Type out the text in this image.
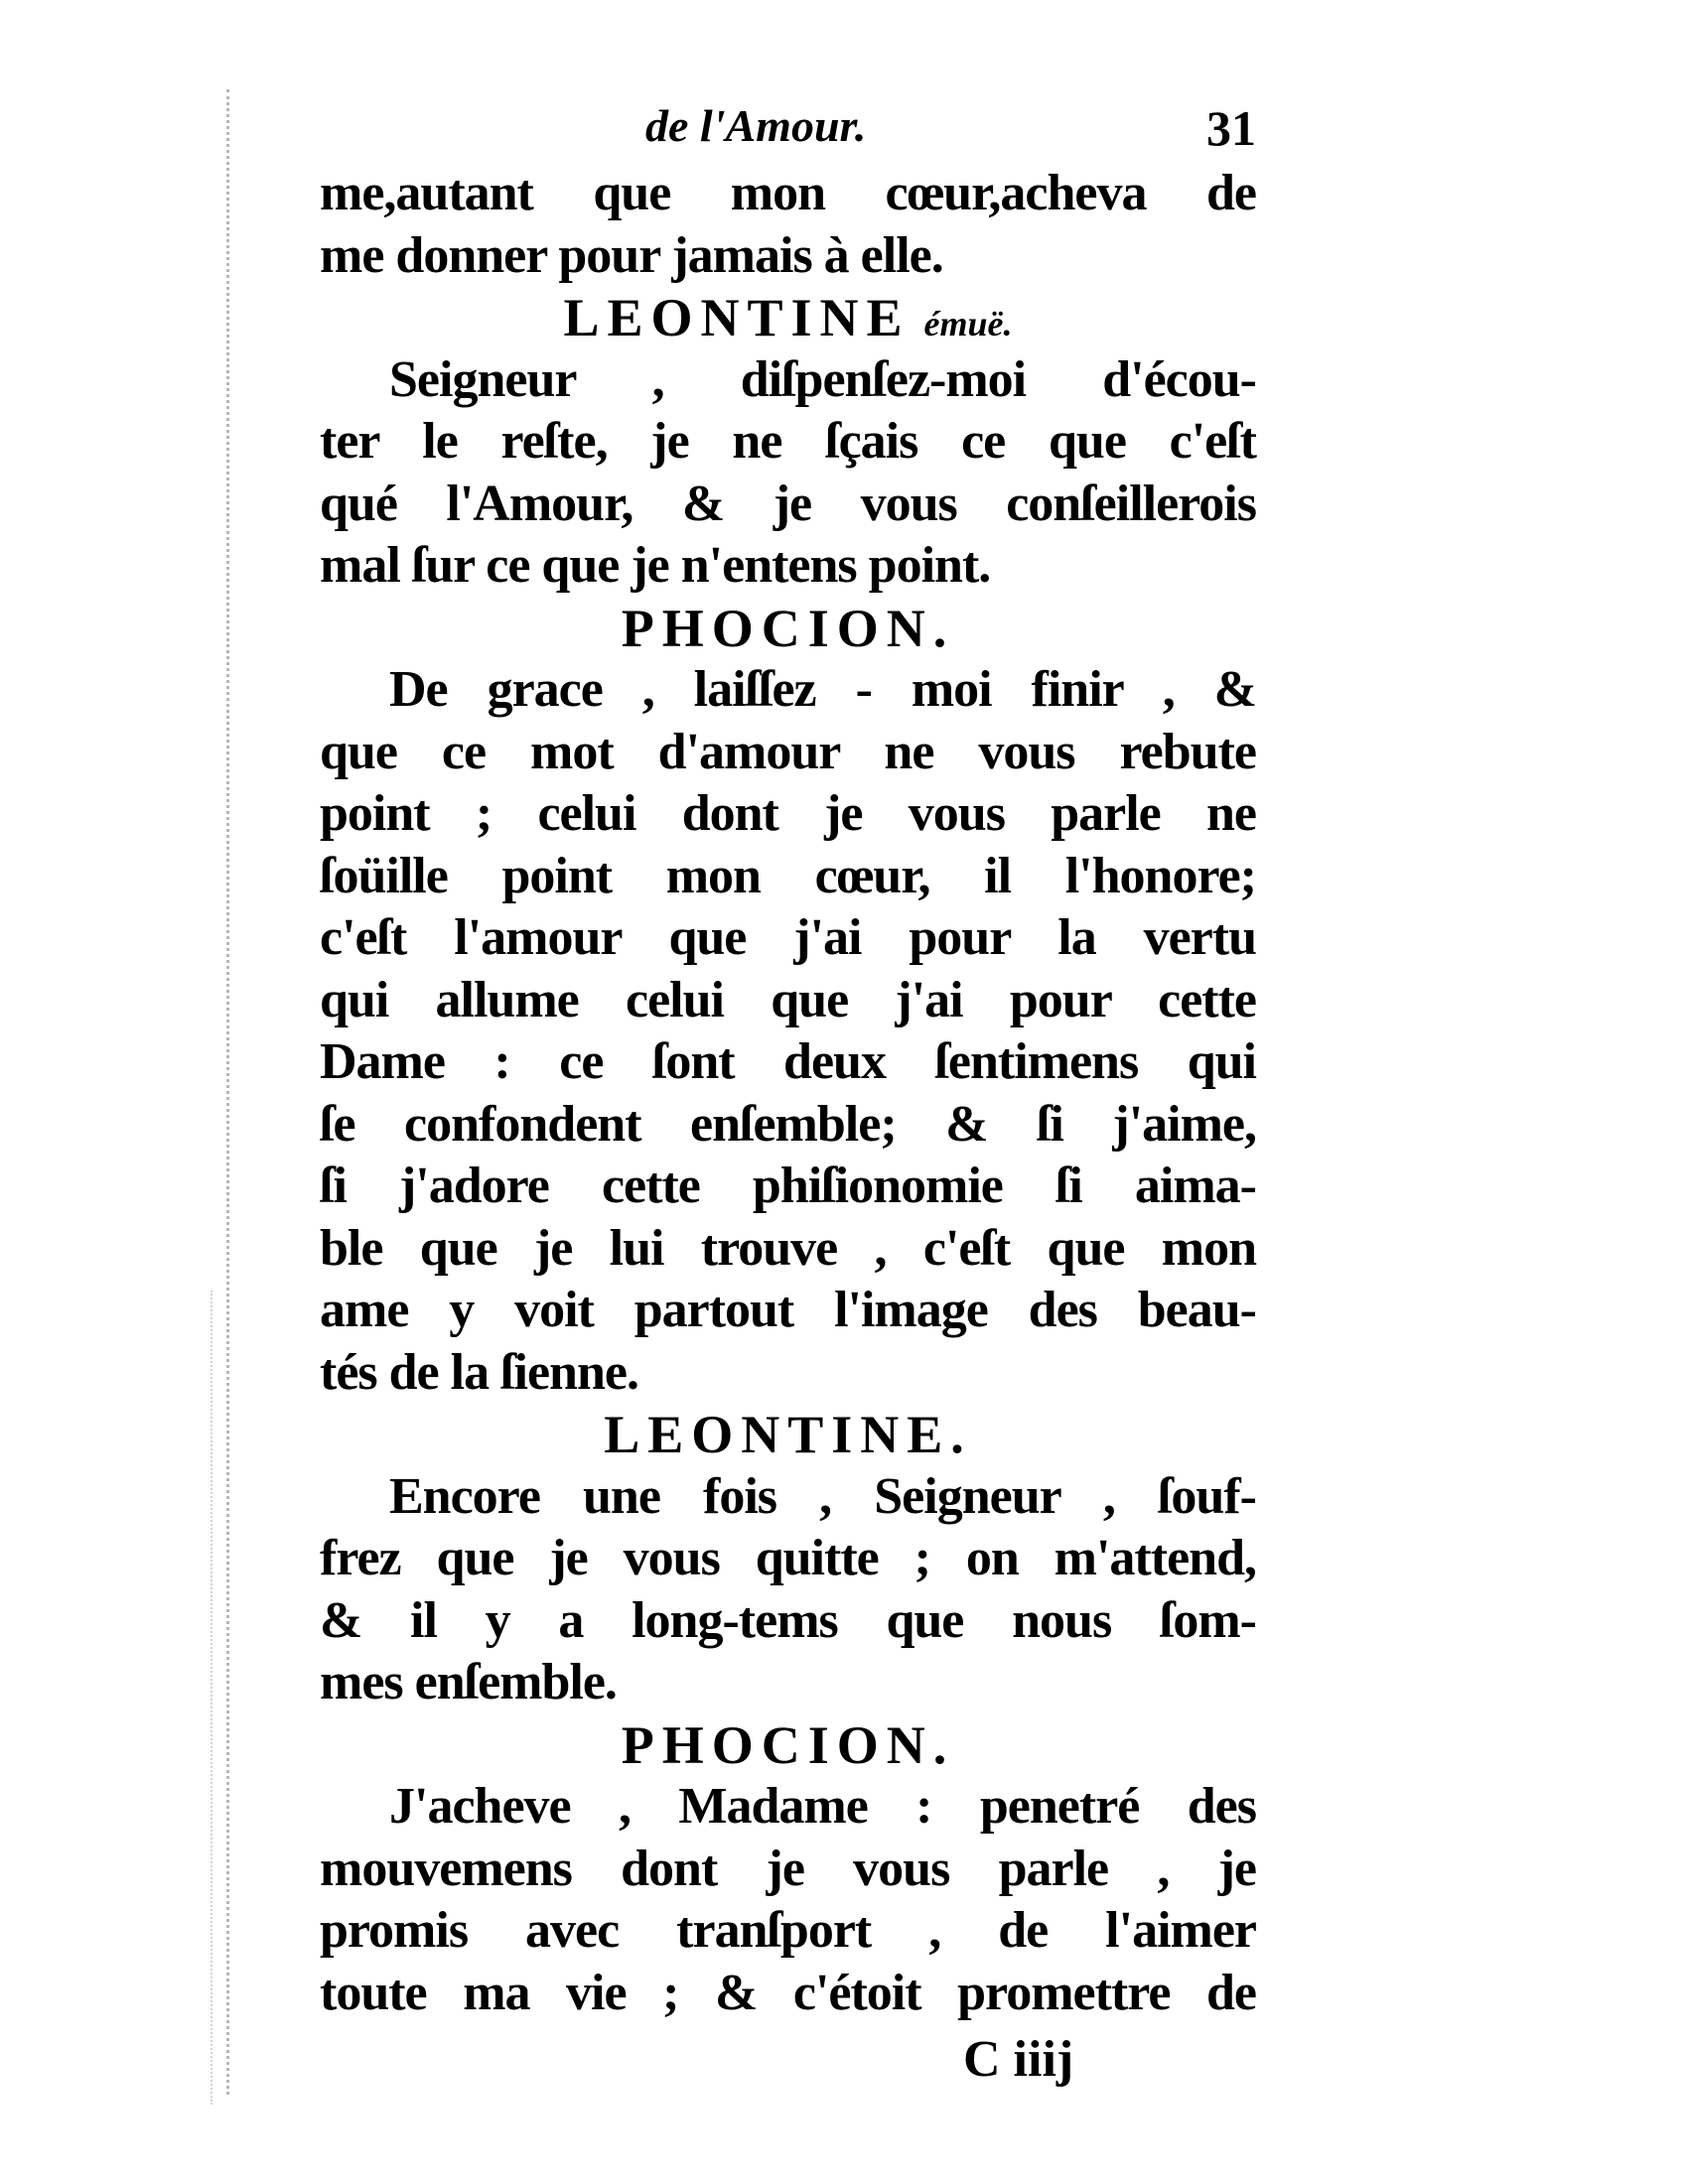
de l'Amour.	31
me,autant que mon cœur,acheva de
me donner pour jamais à elle.
LEONTINE émuë.
Seigneur , diſpenſez-moi d'écou-
ter le reſte, je ne ſçais ce que c'eſt
qué l'Amour, & je vous conſeillerois
mal ſur ce que je n'entens point.
PHOCION.
De grace , laiſſez - moi finir , &
que ce mot d'amour ne vous rebute
point ; celui dont je vous parle ne
ſoüille point mon cœur, il l'honore;
c'eſt l'amour que j'ai pour la vertu
qui allume celui que j'ai pour cette
Dame : ce ſont deux ſentimens qui
ſe confondent enſemble; & ſi j'aime,
ſi j'adore cette phiſionomie ſi aima-
ble que je lui trouve , c'eſt que mon
ame y voit partout l'image des beau-
tés de la ſienne.
LEONTINE.
Encore une fois , Seigneur , ſouf-
frez que je vous quitte ; on m'attend,
& il y a long-tems que nous ſom-
mes enſemble.
PHOCION.
J'acheve , Madame : penetré des
mouvemens dont je vous parle , je
promis avec tranſport , de l'aimer
toute ma vie ; & c'étoit promettre de
C iiij
